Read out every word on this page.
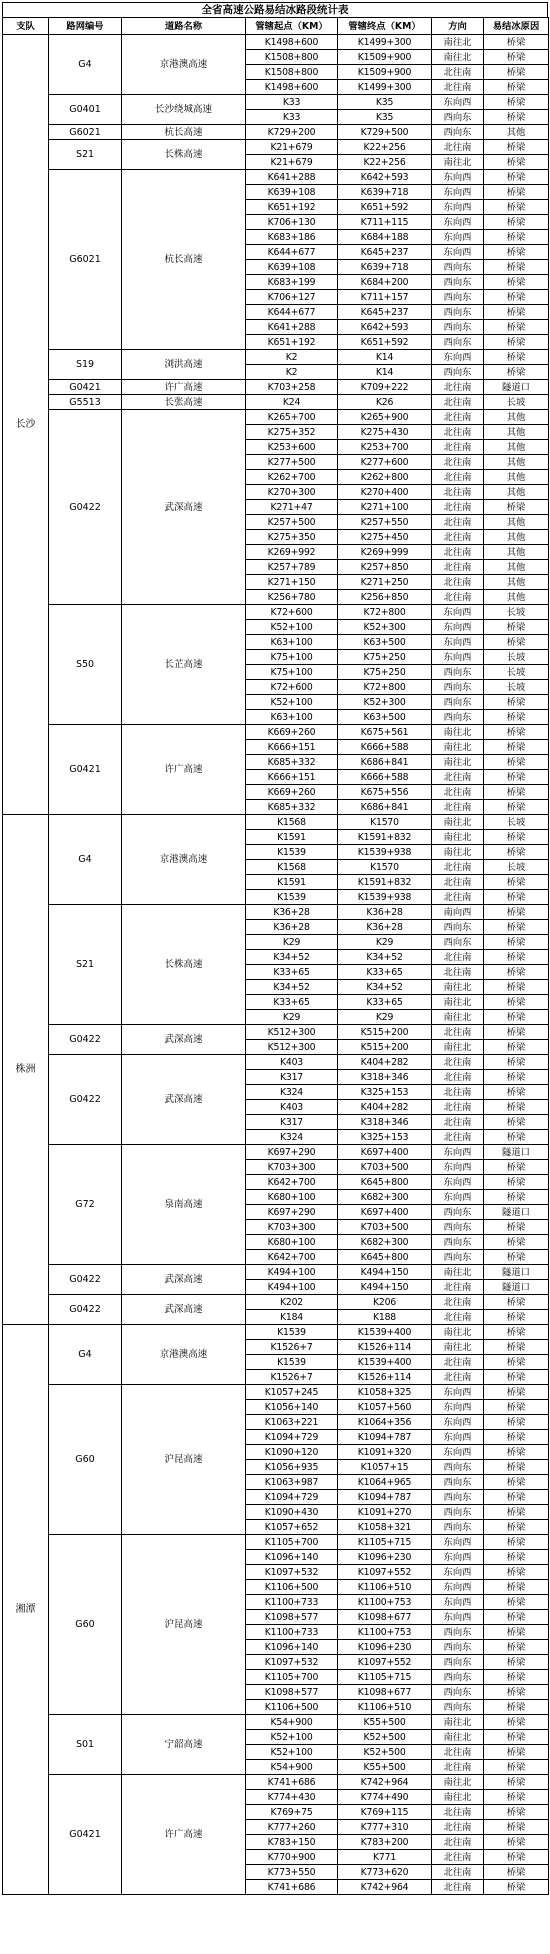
全省高速公路易结冰路段统计表
支队	路网编号	道路名称	管辖起点（KM）	管辖终点（KM）	方向	易结冰原因
长沙	G4	京港澳高速	K1498+600	K1499+300	南往北	桥梁
			K1508+800	K1509+900	南往北	桥梁
			K1508+800	K1509+900	北往南	桥梁
			K1498+600	K1499+300	北往南	桥梁
	G0401	长沙绕城高速	K33	K35	东向西	桥梁
			K33	K35	西向东	桥梁
	G6021	杭长高速	K729+200	K729+500	西向东	其他
	S21	长株高速	K21+679	K22+256	北往南	桥梁
			K21+679	K22+256	南往北	桥梁
	G6021	杭长高速	K641+288	K642+593	东向西	桥梁
			K639+108	K639+718	东向西	桥梁
			K651+192	K651+592	东向西	桥梁
			K706+130	K711+115	东向西	桥梁
			K683+186	K684+188	东向西	桥梁
			K644+677	K645+237	东向西	桥梁
			K639+108	K639+718	西向东	桥梁
			K683+199	K684+200	西向东	桥梁
			K706+127	K711+157	西向东	桥梁
			K644+677	K645+237	西向东	桥梁
			K641+288	K642+593	西向东	桥梁
			K651+192	K651+592	西向东	桥梁
	S19	浏洪高速	K2	K14	东向西	桥梁
			K2	K14	西向东	桥梁
	G0421	许广高速	K703+258	K709+222	北往南	隧道口
	G5513	长张高速	K24	K26	北往南	长坡
	G0422	武深高速	K265+700	K265+900	北往南	其他
			K275+352	K275+430	北往南	其他
			K253+600	K253+700	北往南	其他
			K277+500	K277+600	北往南	其他
			K262+700	K262+800	北往南	其他
			K270+300	K270+400	北往南	其他
			K271+47	K271+100	北往南	桥梁
			K257+500	K257+550	北往南	其他
			K275+350	K275+450	北往南	其他
			K269+992	K269+999	北往南	其他
			K257+789	K257+850	北往南	其他
			K271+150	K271+250	北往南	其他
			K256+780	K256+850	北往南	其他
	S50	长芷高速	K72+600	K72+800	东向西	长坡
			K52+100	K52+300	东向西	桥梁
			K63+100	K63+500	东向西	桥梁
			K75+100	K75+250	东向西	长坡
			K75+100	K75+250	西向东	长坡
			K72+600	K72+800	西向东	长坡
			K52+100	K52+300	西向东	桥梁
			K63+100	K63+500	西向东	桥梁
	G0421	许广高速	K669+260	K675+561	南往北	桥梁
			K666+151	K666+588	南往北	桥梁
			K685+332	K686+841	南往北	桥梁
			K666+151	K666+588	北往南	桥梁
			K669+260	K675+556	北往南	桥梁
			K685+332	K686+841	北往南	桥梁
株洲	G4	京港澳高速	K1568	K1570	南往北	长坡
			K1591	K1591+832	南往北	桥梁
			K1539	K1539+938	南往北	桥梁
			K1568	K1570	北往南	长坡
			K1591	K1591+832	北往南	桥梁
			K1539	K1539+938	北往南	桥梁
	S21	长株高速	K36+28	K36+28	南向西	桥梁
			K36+28	K36+28	西向东	桥梁
			K29	K29	西向东	桥梁
			K34+52	K34+52	北往南	桥梁
			K33+65	K33+65	北往南	桥梁
			K34+52	K34+52	南往北	桥梁
			K33+65	K33+65	南往北	桥梁
			K29	K29	南往北	桥梁
	G0422	武深高速	K512+300	K515+200	北往南	桥梁
			K512+300	K515+200	南往北	桥梁
	G0422	武深高速	K403	K404+282	北往南	桥梁
			K317	K318+346	北往南	桥梁
			K324	K325+153	北往南	桥梁
			K403	K404+282	北往南	桥梁
			K317	K318+346	北往南	桥梁
			K324	K325+153	北往南	桥梁
	G72	泉南高速	K697+290	K697+400	东向西	隧道口
			K703+300	K703+500	东向西	桥梁
			K642+700	K645+800	东向西	桥梁
			K680+100	K682+300	东向西	桥梁
			K697+290	K697+400	西向东	隧道口
			K703+300	K703+500	西向东	桥梁
			K680+100	K682+300	西向东	桥梁
			K642+700	K645+800	西向东	桥梁
	G0422	武深高速	K494+100	K494+150	南往北	隧道口
			K494+100	K494+150	北往南	隧道口
	G0422	武深高速	K202	K206	北往南	桥梁
			K184	K188	北往南	桥梁
湘潭	G4	京港澳高速	K1539	K1539+400	南往北	桥梁
			K1526+7	K1526+114	南往北	桥梁
			K1539	K1539+400	北往南	桥梁
			K1526+7	K1526+114	北往南	桥梁
	G60	沪昆高速	K1057+245	K1058+325	东向西	桥梁
			K1056+140	K1057+560	东向西	桥梁
			K1063+221	K1064+356	东向西	桥梁
			K1094+729	K1094+787	东向西	桥梁
			K1090+120	K1091+320	东向西	桥梁
			K1056+935	K1057+15	西向东	桥梁
			K1063+987	K1064+965	西向东	桥梁
			K1094+729	K1094+787	西向东	桥梁
			K1090+430	K1091+270	西向东	桥梁
			K1057+652	K1058+321	西向东	桥梁
	G60	沪昆高速	K1105+700	K1105+715	东向西	桥梁
			K1096+140	K1096+230	东向西	桥梁
			K1097+532	K1097+552	东向西	桥梁
			K1106+500	K1106+510	东向西	桥梁
			K1100+733	K1100+753	东向西	桥梁
			K1098+577	K1098+677	东向西	桥梁
			K1100+733	K1100+753	西向东	桥梁
			K1096+140	K1096+230	西向东	桥梁
			K1097+532	K1097+552	西向东	桥梁
			K1105+700	K1105+715	西向东	桥梁
			K1098+577	K1098+677	西向东	桥梁
			K1106+500	K1106+510	西向东	桥梁
	S01	宁韶高速	K54+900	K55+500	南往北	桥梁
			K52+100	K52+500	南往北	桥梁
			K52+100	K52+500	北往南	桥梁
			K54+900	K55+500	北往南	桥梁
	G0421	许广高速	K741+686	K742+964	南往北	桥梁
			K774+430	K774+490	南往北	桥梁
			K769+75	K769+115	北往南	桥梁
			K777+260	K777+310	北往南	桥梁
			K783+150	K783+200	北往南	桥梁
			K770+900	K771	北往南	桥梁
			K773+550	K773+620	北往南	桥梁
			K741+686	K742+964	北往南	桥梁
